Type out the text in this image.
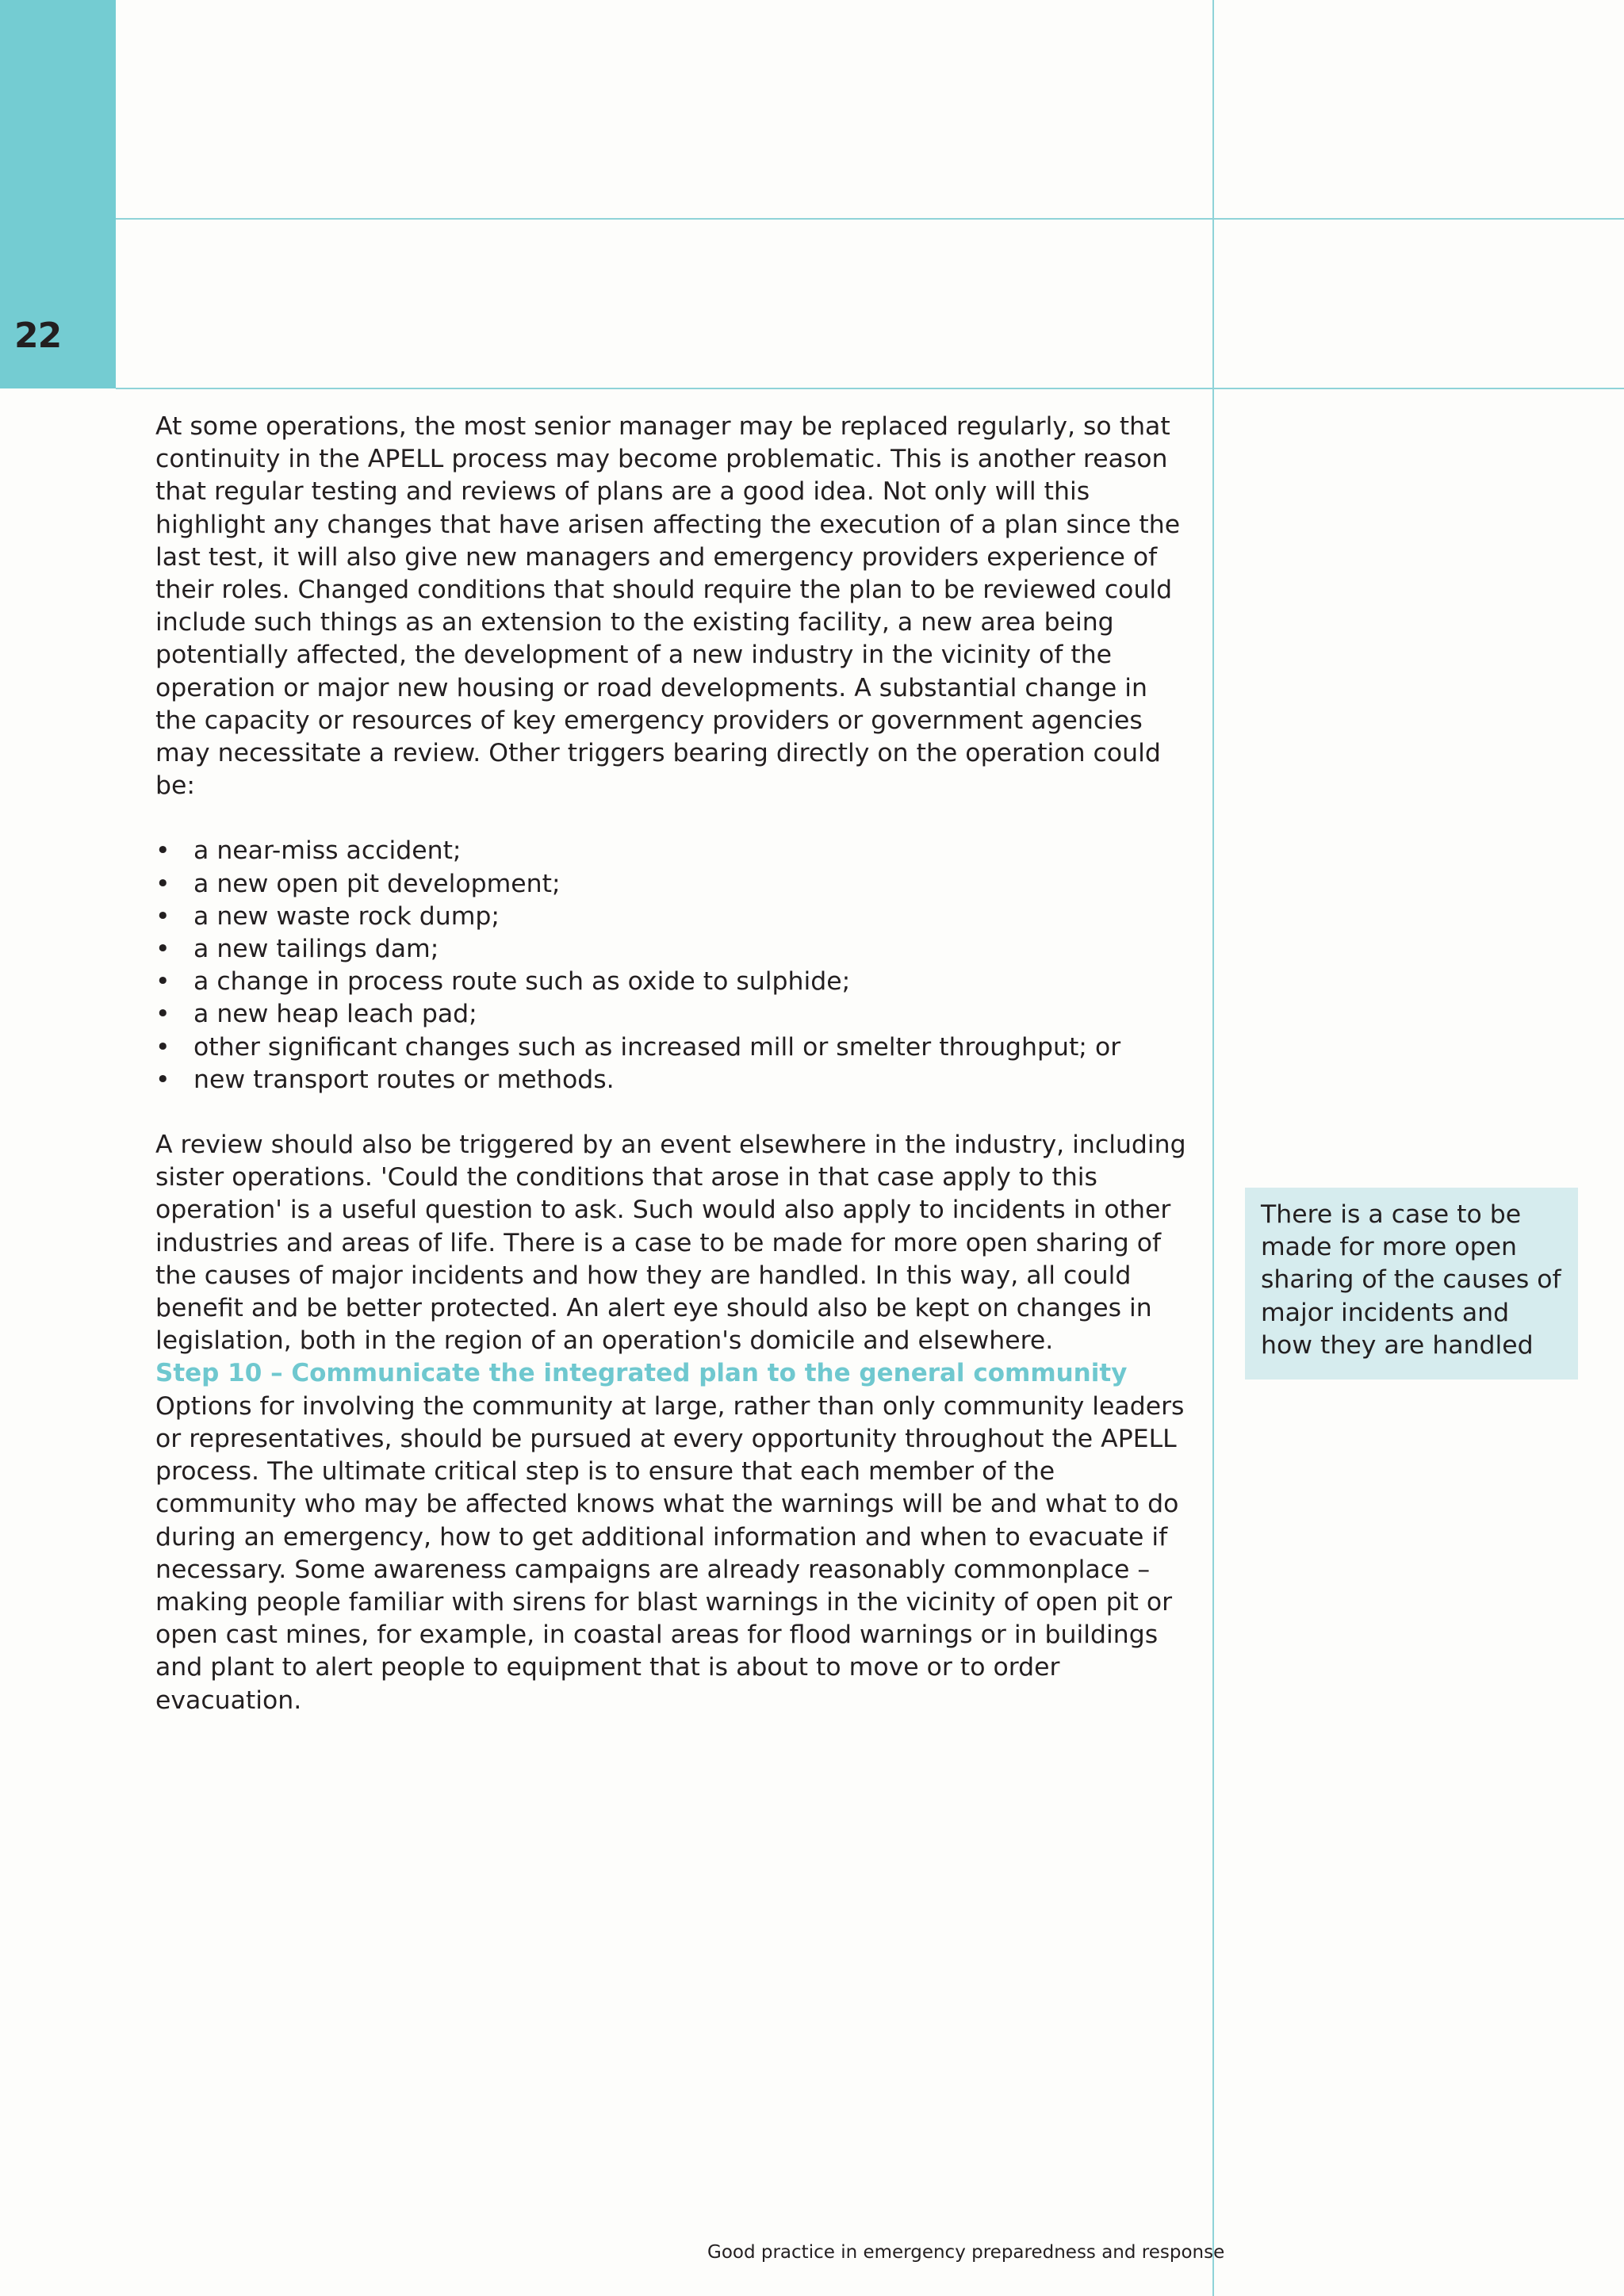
22

At some operations, the most senior manager may be replaced regularly, so that continuity in the APELL process may become problematic. This is another reason that regular testing and reviews of plans are a good idea. Not only will this highlight any changes that have arisen affecting the execution of a plan since the last test, it will also give new managers and emergency providers experience of their roles. Changed conditions that should require the plan to be reviewed could include such things as an extension to the existing facility, a new area being potentially affected, the development of a new industry in the vicinity of the operation or major new housing or road developments. A substantial change in the capacity or resources of key emergency providers or government agencies may necessitate a review. Other triggers bearing directly on the operation could be:

• a near-miss accident;
• a new open pit development;
• a new waste rock dump;
• a new tailings dam;
• a change in process route such as oxide to sulphide;
• a new heap leach pad;
• other significant changes such as increased mill or smelter throughput; or
• new transport routes or methods.

A review should also be triggered by an event elsewhere in the industry, including sister operations. 'Could the conditions that arose in that case apply to this operation' is a useful question to ask. Such would also apply to incidents in other industries and areas of life. There is a case to be made for more open sharing of the causes of major incidents and how they are handled. In this way, all could benefit and be better protected. An alert eye should also be kept on changes in legislation, both in the region of an operation's domicile and elsewhere.

Step 10 – Communicate the integrated plan to the general community

Options for involving the community at large, rather than only community leaders or representatives, should be pursued at every opportunity throughout the APELL process. The ultimate critical step is to ensure that each member of the community who may be affected knows what the warnings will be and what to do during an emergency, how to get additional information and when to evacuate if necessary. Some awareness campaigns are already reasonably commonplace – making people familiar with sirens for blast warnings in the vicinity of open pit or open cast mines, for example, in coastal areas for flood warnings or in buildings and plant to alert people to equipment that is about to move or to order evacuation.

There is a case to be made for more open sharing of the causes of major incidents and how they are handled
Good practice in emergency preparedness and response
